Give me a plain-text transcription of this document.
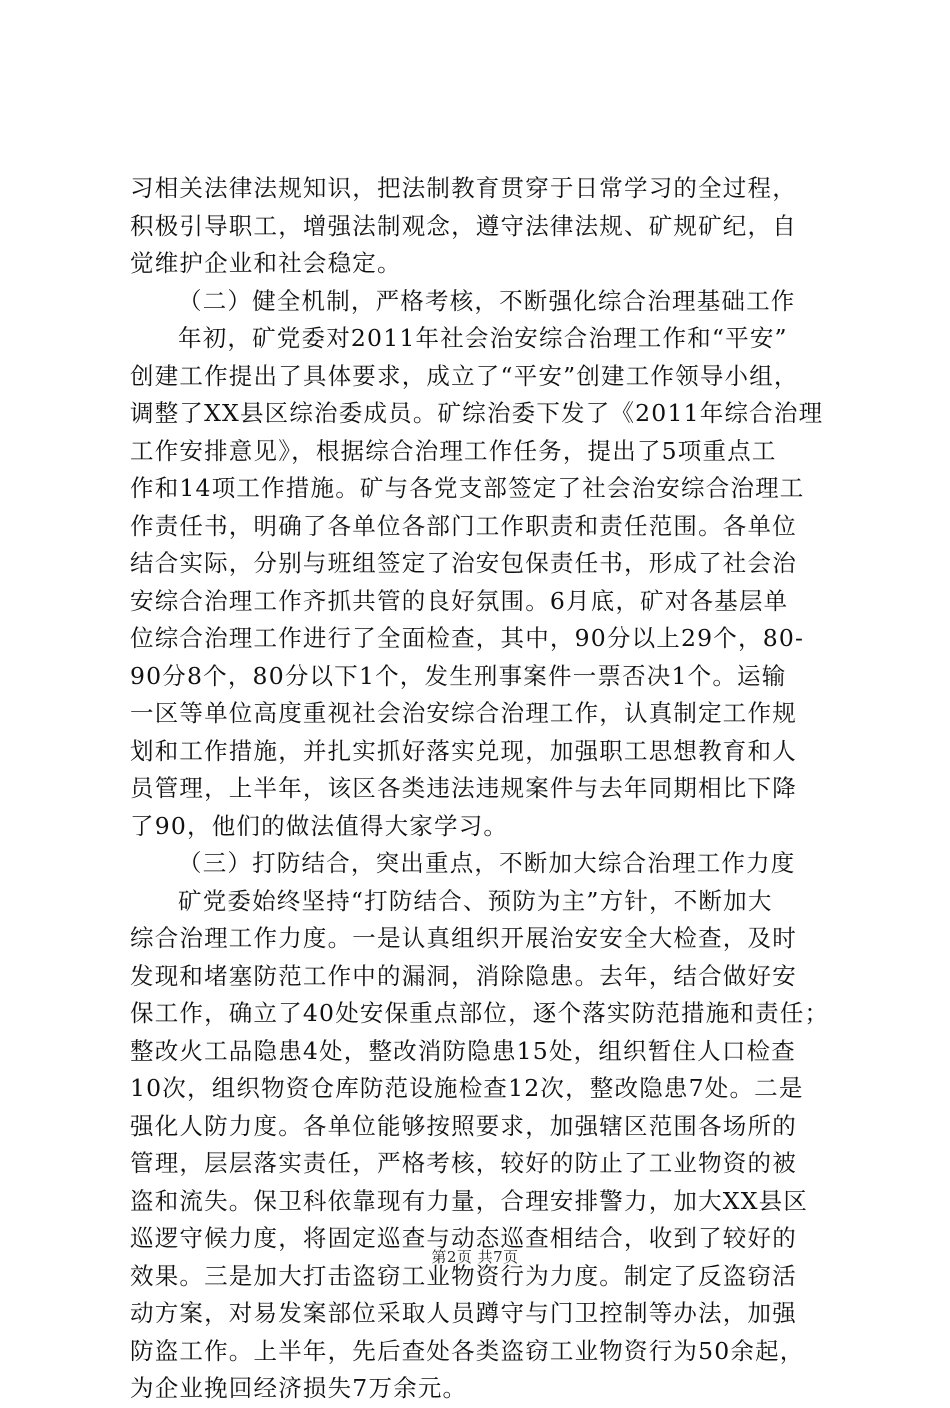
习相关法律法规知识，把法制教育贯穿于日常学习的全过程，
积极引导职工，增强法制观念，遵守法律法规、矿规矿纪，自
觉维护企业和社会稳定。
（二）健全机制，严格考核，不断强化综合治理基础工作
年初，矿党委对2011年社会治安综合治理工作和“平安”
创建工作提出了具体要求，成立了“平安”创建工作领导小组，
调整了XX县区综治委成员。矿综治委下发了《2011年综合治理
工作安排意见》，根据综合治理工作任务，提出了5项重点工
作和14项工作措施。矿与各党支部签定了社会治安综合治理工
作责任书，明确了各单位各部门工作职责和责任范围。各单位
结合实际，分别与班组签定了治安包保责任书，形成了社会治
安综合治理工作齐抓共管的良好氛围。6月底，矿对各基层单
位综合治理工作进行了全面检查，其中，90分以上29个，80-
90分8个，80分以下1个，发生刑事案件一票否决1个。运输
一区等单位高度重视社会治安综合治理工作，认真制定工作规
划和工作措施，并扎实抓好落实兑现，加强职工思想教育和人
员管理，上半年，该区各类违法违规案件与去年同期相比下降
了90，他们的做法值得大家学习。
（三）打防结合，突出重点，不断加大综合治理工作力度
矿党委始终坚持“打防结合、预防为主”方针，不断加大
综合治理工作力度。一是认真组织开展治安安全大检查，及时
发现和堵塞防范工作中的漏洞，消除隐患。去年，结合做好安
保工作，确立了40处安保重点部位，逐个落实防范措施和责任；
整改火工品隐患4处，整改消防隐患15处，组织暂住人口检查
10次，组织物资仓库防范设施检查12次，整改隐患7处。二是
强化人防力度。各单位能够按照要求，加强辖区范围各场所的
管理，层层落实责任，严格考核，较好的防止了工业物资的被
盗和流失。保卫科依靠现有力量，合理安排警力，加大XX县区
巡逻守候力度，将固定巡查与动态巡查相结合，收到了较好的
效果。三是加大打击盗窃工业物资行为力度。制定了反盗窃活
动方案，对易发案部位采取人员蹲守与门卫控制等办法，加强
防盗工作。上半年，先后查处各类盗窃工业物资行为50余起，
为企业挽回经济损失7万余元。
第2页 共7页
